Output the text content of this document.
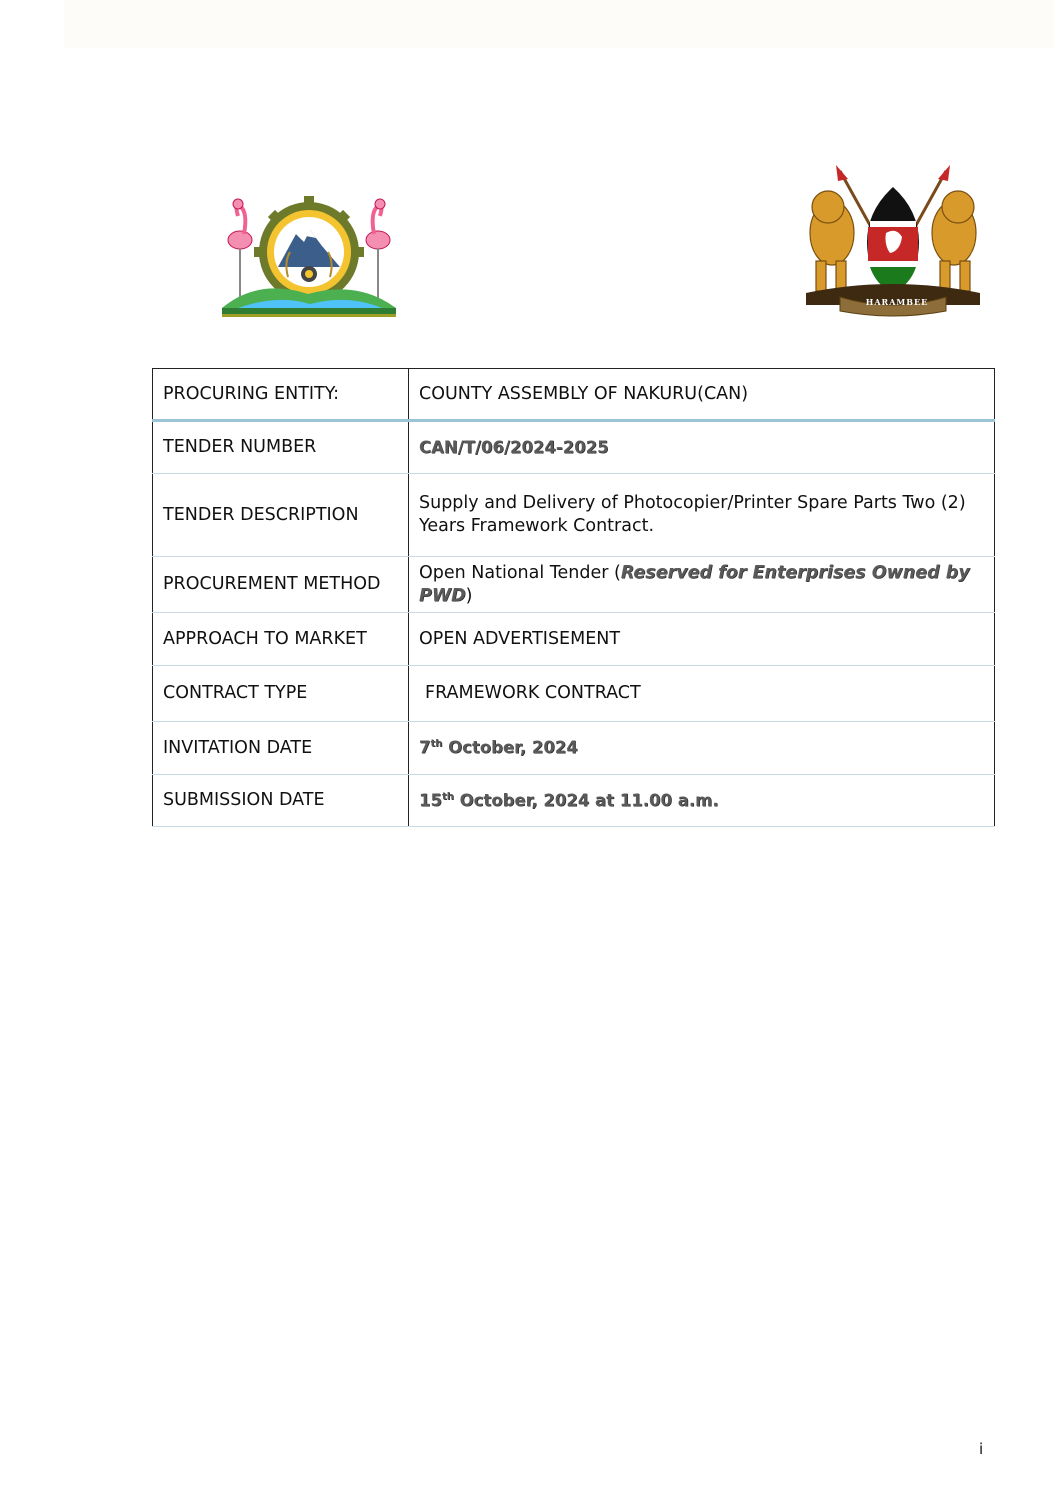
HARAMBEE
PROCURING ENTITY:	COUNTY ASSEMBLY OF NAKURU(CAN)
TENDER NUMBER	CAN/T/06/2024-2025
TENDER DESCRIPTION	Supply and Delivery of Photocopier/Printer Spare Parts Two (2) Years Framework Contract.
PROCUREMENT METHOD	Open National Tender (Reserved for Enterprises Owned by PWD)
APPROACH TO MARKET	OPEN ADVERTISEMENT
CONTRACT TYPE	FRAMEWORK CONTRACT
INVITATION DATE	7th October, 2024
SUBMISSION DATE	15th October, 2024 at 11.00 a.m.
i
